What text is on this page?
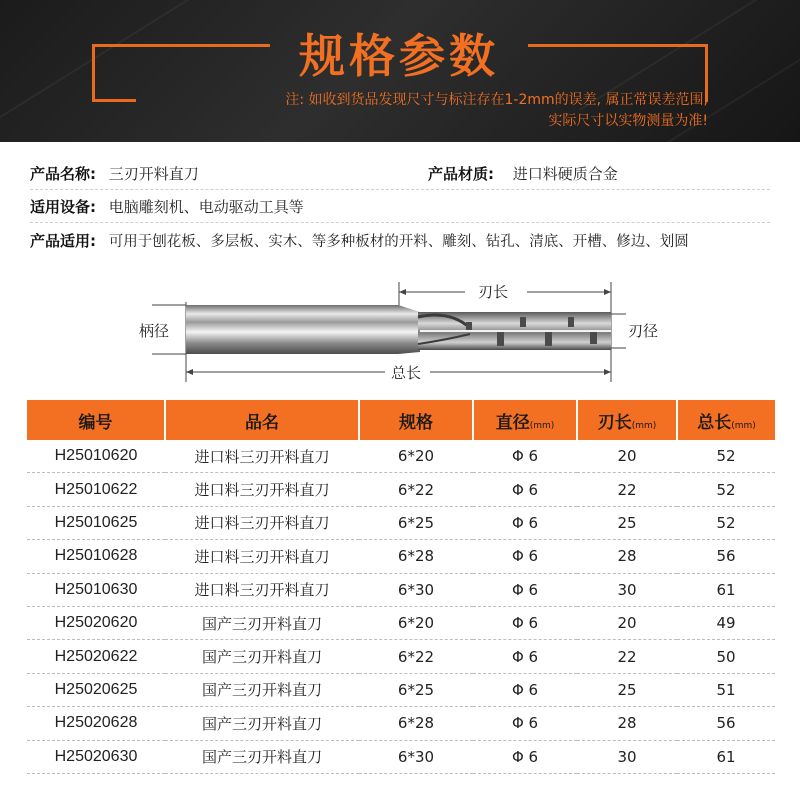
规格参数
注: 如收到货品发现尺寸与标注存在1-2mm的误差, 属正常误差范围,
实际尺寸以实物测量为准!
产品名称: 三刃开料直刀	产品材质: 进口料硬质合金
适用设备: 电脑雕刻机、电动驱动工具等
产品适用: 可用于刨花板、多层板、实木、等多种板材的开料、雕刻、钻孔、清底、开槽、修边、划圆
刃长
柄径	刃径
总长
编号	品名	规格	直径(mm)	刃长(mm)	总长(mm)
H25010620	进口料三刃开料直刀	6*20	Φ 6	20	52
H25010622	进口料三刃开料直刀	6*22	Φ 6	22	52
H25010625	进口料三刃开料直刀	6*25	Φ 6	25	52
H25010628	进口料三刃开料直刀	6*28	Φ 6	28	56
H25010630	进口料三刃开料直刀	6*30	Φ 6	30	61
H25020620	国产三刃开料直刀	6*20	Φ 6	20	49
H25020622	国产三刃开料直刀	6*22	Φ 6	22	50
H25020625	国产三刃开料直刀	6*25	Φ 6	25	51
H25020628	国产三刃开料直刀	6*28	Φ 6	28	56
H25020630	国产三刃开料直刀	6*30	Φ 6	30	61
